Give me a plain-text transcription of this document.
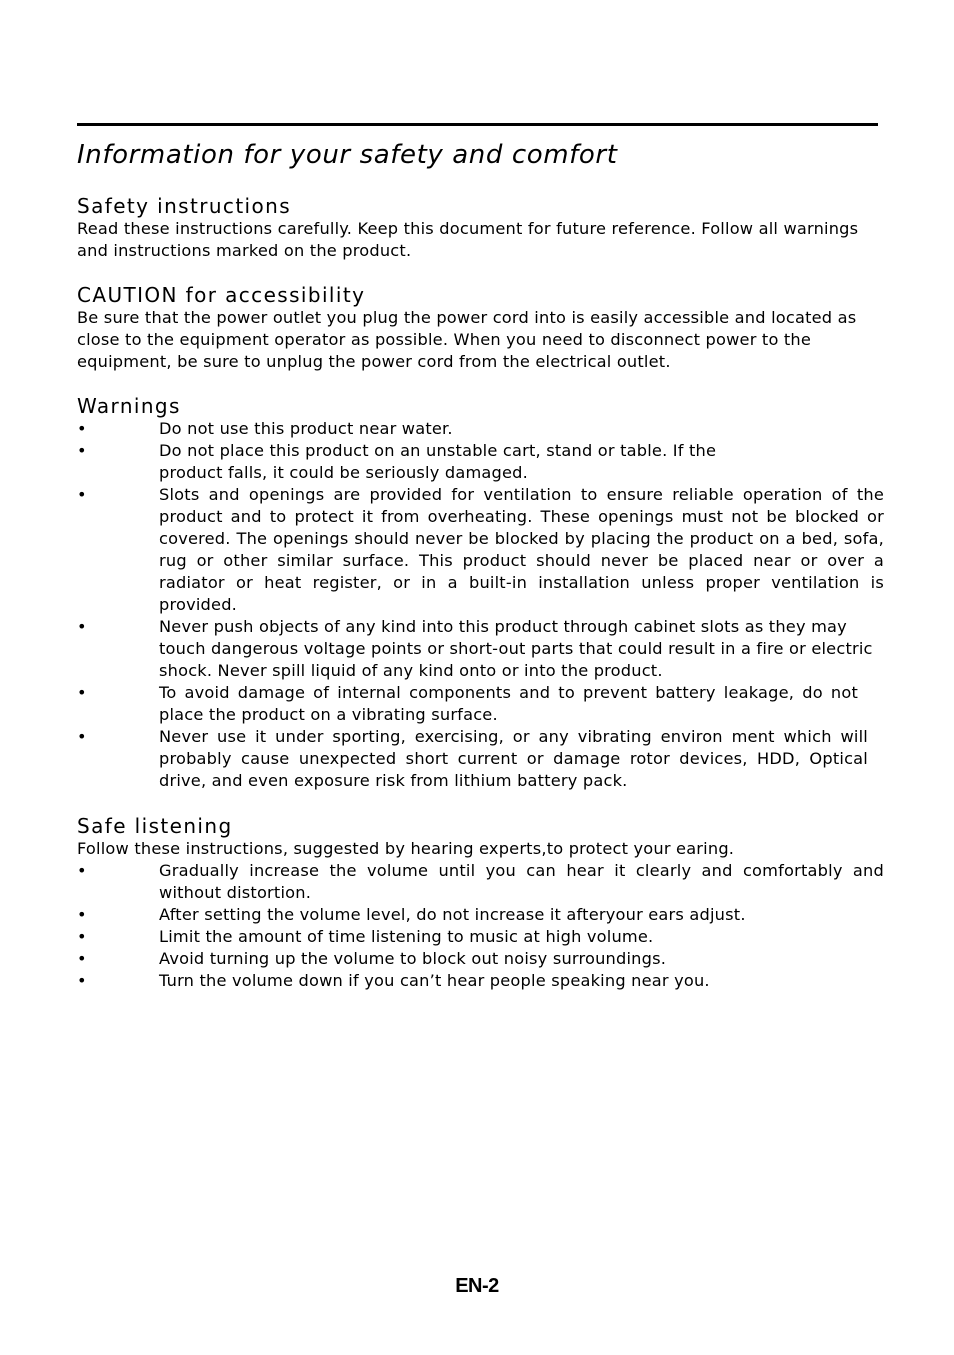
Information for your safety and comfort
Safety instructions

Read these instructions carefully. Keep this document for future reference. Follow all warnings and instructions marked on the product.

CAUTION for accessibility

Be sure that the power outlet you plug the power cord into is easily accessible and located as close to the equipment operator as possible. When you need to disconnect power to the equipment, be sure to unplug the power cord from the electrical outlet.

Warnings
•	Do not use this product near water.
•	Do not place this product on an unstable cart, stand or table. If the product falls, it could be seriously damaged.
•	Slots and openings are provided for ventilation to ensure reliable operation of the product and to protect it from overheating. These openings must not be blocked or covered. The openings should never be blocked by placing the product on a bed, sofa, rug or other similar surface. This product should never be placed near or over a radiator or heat register, or in a built-in installation unless proper ventilation is provided.
•	Never push objects of any kind into this product through cabinet slots as they may touch dangerous voltage points or short-out parts that could result in a fire or electric shock. Never spill liquid of any kind onto or into the product.
•	To avoid damage of internal components and to prevent battery leakage, do not place the product on a vibrating surface.
•	Never use it under sporting, exercising, or any vibrating environ ment which will probably cause unexpected short current or damage rotor devices, HDD, Optical drive, and even exposure risk from lithium battery pack.
Safe listening

Follow these instructions, suggested by hearing experts,to protect your earing.

•	Gradually increase the volume until you can hear it clearly and comfortably and without distortion.
•	After setting the volume level, do not increase it afteryour ears adjust.
•	Limit the amount of time listening to music at high volume.
•	Avoid turning up the volume to block out noisy surroundings.
•	Turn the volume down if you can’t hear people speaking near you.
EN-2
